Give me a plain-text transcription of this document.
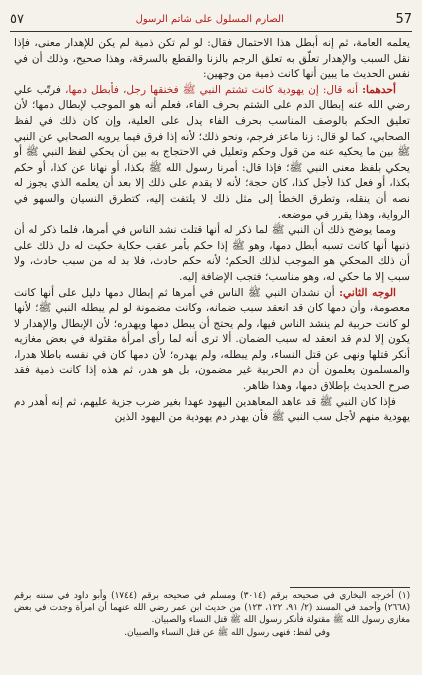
57
الصارم المسلول على شاتم الرسول
٥٧

يعلمه العامة، ثم إنه أبطل هذا الاحتمال فقال: لو لم تكن ذمية لم يكن للإهدار معنى، فإذا نقل السبب والإهدار تعلّق به تعلق الرجم بالزنا والقطع بالسرقة، وهذا صحيح، وذلك أن في نفس الحديث ما يبين أنها كانت ذمية من وجهين:

أحدهما: أنه قال: إن يهودية كانت تشتم النبي ﷺ فخنقها رجل، فأبطل دمها، فرتّب علي رضي الله عنه إبطال الدم على الشتم بحرف الفاء، فعلم أنه هو الموجب لإبطال دمها؛ لأن تعليق الحكم بالوصف المناسب بحرف الفاء يدل على العلية، وإن كان ذلك في لفظ الصحابي، كما لو قال: زنا ماعز فرجم، ونحو ذلك؛ لأنه إذا فرق فيما يرويه الصحابي عن النبي ﷺ بين ما يحكيه عنه من قول وحكم وتعليل في الاحتجاج به بين أن يحكي لفظ النبي ﷺ أو يحكي بلفظ معنى النبي ﷺ؛ فإذا قال: أمرنا رسول الله ﷺ بكذا، أو نهانا عن كذا، أو حكم بكذا، أو فعل كذا لأجل كذا، كان حجة؛ لأنه لا يقدم على ذلك إلا بعد أن يعلمه الذي يجوز له نصه أن ينقله، وتطرق الخطأ إلى مثل ذلك لا يلتفت إليه، كتطرق النسيان والسهو في الرواية، وهذا يقرر في موضعه.

ومما يوضح ذلك أن النبي ﷺ لما ذكر له أنها قتلت نشد الناس في أمرها، فلما ذكر له أن ذنبها أنها كانت تسبه أبطل دمها، وهو ﷺ إذا حكم بأمر عقب حكاية حكيت له دل ذلك على أن ذلك المحكي هو الموجب لذلك الحكم؛ لأنه حكم حادث، فلا بد له من سبب حادث، ولا سبب إلا ما حكي له، وهو مناسب؛ فتجب الإضافة إليه.

الوجه الثاني: أن نشدان النبي ﷺ الناس في أمرها ثم إبطال دمها دليل على أنها كانت معصومة، وأن دمها كان قد انعقد سبب ضمانه، وكانت مضمونة لو لم يبطله النبي ﷺ؛ لأنها لو كانت حربية لم ينشد الناس فيها، ولم يحتج أن يبطل دمها ويهدره؛ لأن الإبطال والإهدار لا يكون إلا لدم قد انعقد له سبب الضمان. ألا ترى أنه لما رأى امرأة مقتولة في بعض مغازيه أنكر قتلها ونهى عن قتل النساء، ولم يبطله، ولم يهدره؛ لأن دمها كان في نفسه باطلا هدرا، والمسلمون يعلمون أن دم الحربية غير مضمون، بل هو هدر، ثم هذه إذا كانت ذمية فقد صرح الحديث بإطلاق دمها، وهذا ظاهر.

فإذا كان النبي ﷺ قد عاهد المعاهدين اليهود عهدا بغير ضرب جزية عليهم، ثم إنه أهدر دم يهودية منهم لأجل سب النبي ﷺ فأن يهدر دم يهودية من اليهود الذين

(١) أخرجه البخاري في صحيحه برقم (٣٠١٤) ومسلم في صحيحه برقم (١٧٤٤) وأبو داود في سننه برقم (٢٦٦٨) وأحمد في المسند (٢/ ٩١، ١٢٢، ١٢٣) من حديث ابن عمر رضي الله عنهما أن امرأة وجدت في بعض مغازي رسول الله ﷺ مقتولة فأنكر رسول الله ﷺ قتل النساء والصبيان.

وفي لفظ: فنهى رسول الله ﷺ عن قتل النساء والصبيان.
